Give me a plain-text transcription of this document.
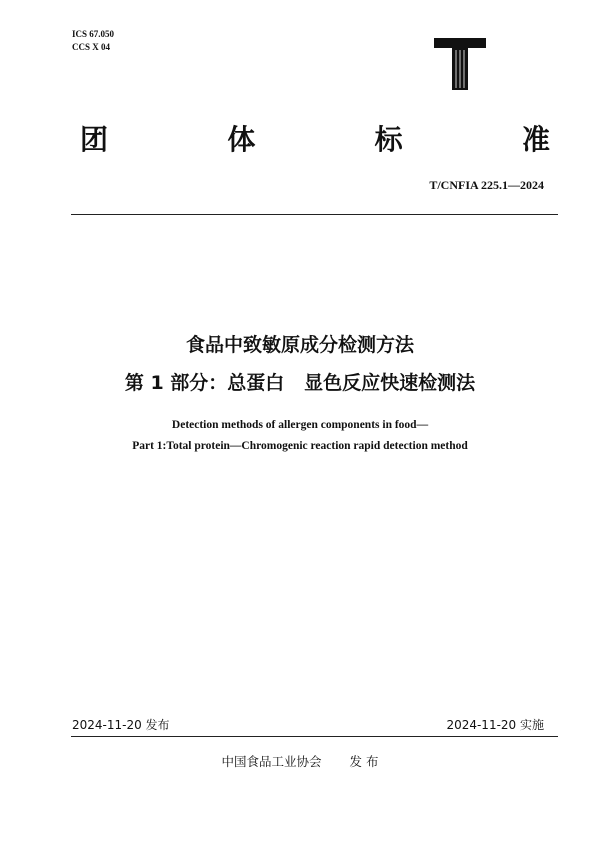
ICS 67.050
CCS X 04
团	体	标	准
T/CNFIA 225.1—2024
食品中致敏原成分检测方法
第 1 部分：总蛋白   显色反应快速检测法
Detection methods of allergen components in food—
Part 1:Total protein—Chromogenic reaction rapid detection method
2024-11-20 发布	2024-11-20 实施
中国食品工业协会 发 布
